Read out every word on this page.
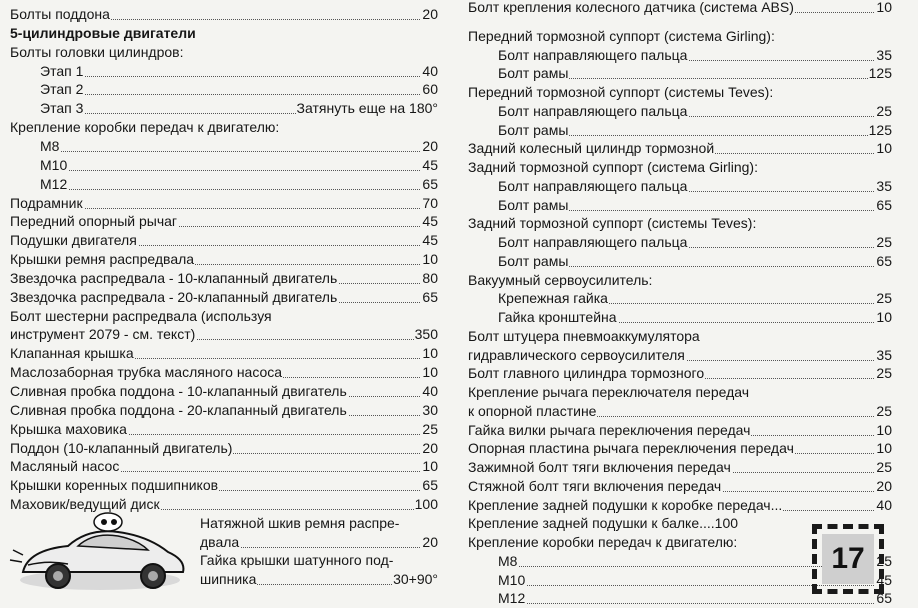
Болты поддона	20
5-цилиндровые двигатели
Болты головки цилиндров:
Этап 1	40
Этап 2	60
Этап 3	Затянуть еще на 180°
Крепление коробки передач к двигателю:
М8	20
М10	45
М12	65
Подрамник	70
Передний опорный рычаг	45
Подушки двигателя	45
Крышки ремня распредвала	10
Звездочка распредвала - 10-клапанный двигатель	80
Звездочка распредвала - 20-клапанный двигатель	65
Болт шестерни распредвала (используя
инструмент 2079 - см. текст)	350
Клапанная крышка	10
Маслозаборная трубка масляного насоса	10
Сливная пробка поддона - 10-клапанный двигатель	40
Сливная пробка поддона - 20-клапанный двигатель	30
Крышка маховика	25
Поддон (10-клапанный двигатель)	20
Масляный насос	10
Крышки коренных подшипников	65
Маховик/ведущий диск	100
Натяжной шкив ремня распре-
двала	20
Гайка крышки шатунного под-
шипника	30+90°
Болт крепления колесного датчика (система ABS)	10
Передний тормозной суппорт (система Girling):
Болт направляющего пальца	35
Болт рамы	125
Передний тормозной суппорт (системы Teves):
Болт направляющего пальца	25
Болт рамы	125
Задний колесный цилиндр тормозной	10
Задний тормозной суппорт (система Girling):
Болт направляющего пальца	35
Болт рамы	65
Задний тормозной суппорт (системы Teves):
Болт направляющего пальца	25
Болт рамы	65
Вакуумный сервоусилитель:
Крепежная гайка	25
Гайка кронштейна	10
Болт штуцера пневмоаккумулятора
гидравлического сервоусилителя	35
Болт главного цилиндра тормозного	25
Крепление рычага переключателя передач
к опорной пластине	25
Гайка вилки рычага переключения передач	10
Опорная пластина рычага переключения передач	10
Зажимной болт тяги включения передач	25
Стяжной болт тяги включения передач	20
Крепление задней подушки к коробке передач...	40
Крепление задней подушки к балке....100
Крепление коробки передач к двигателю:
М8	25
М10	45
М12	65
17
